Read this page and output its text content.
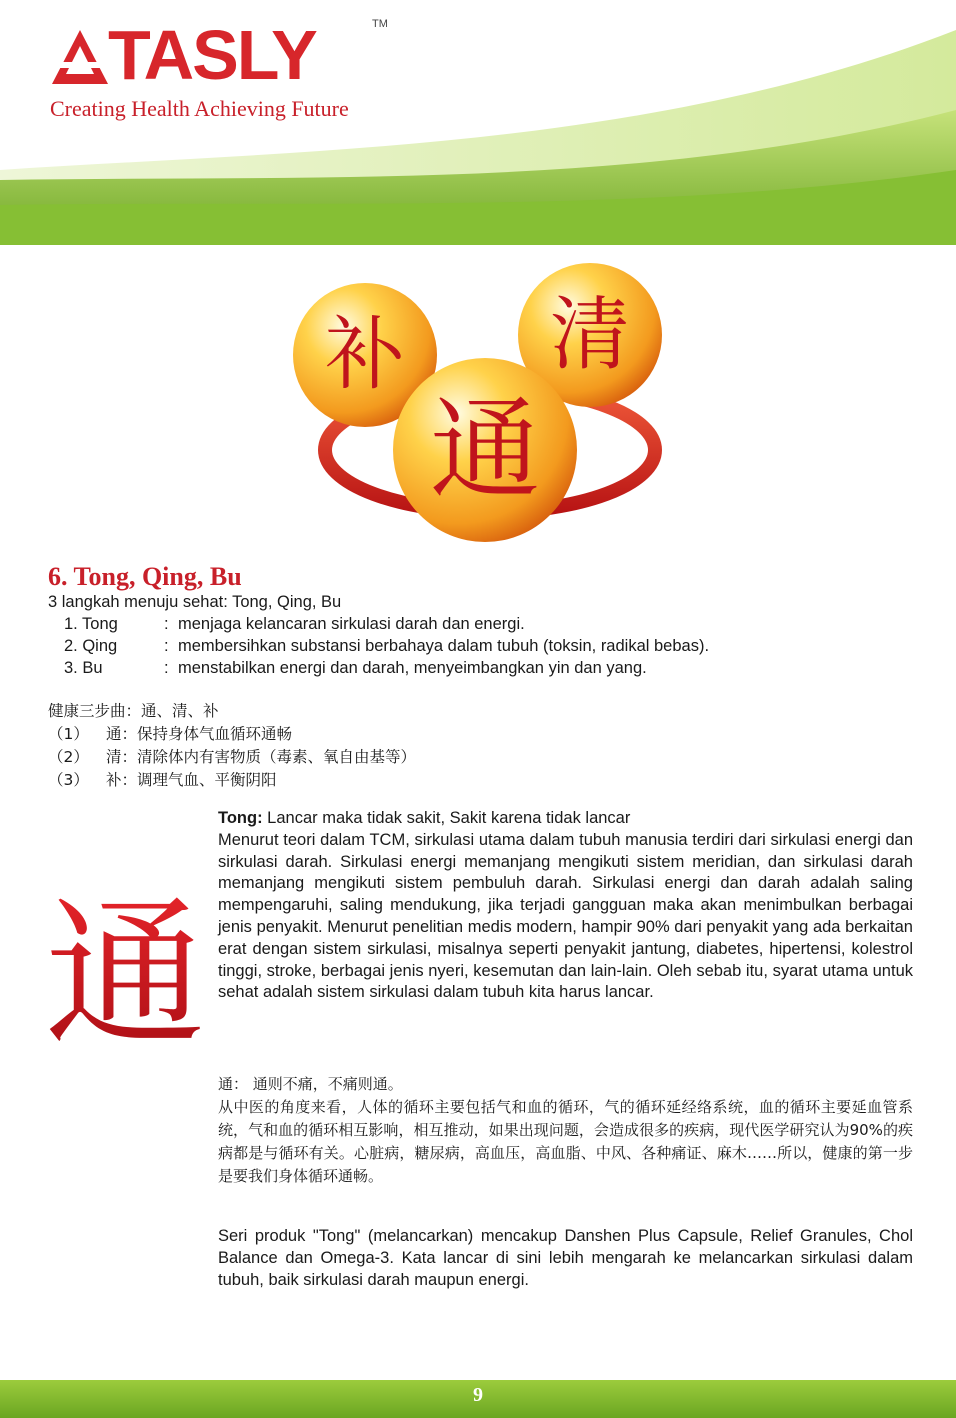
TASLY	TM
Creating Health Achieving Future
补 清
通
6. Tong, Qing, Bu
3 langkah menuju sehat: Tong, Qing, Bu
1. Tong	: menjaga kelancaran sirkulasi darah dan energi.
2. Qing	: membersihkan substansi berbahaya dalam tubuh (toksin, radikal bebas).
3. Bu	: menstabilkan energi dan darah, menyeimbangkan yin dan yang.
健康三步曲：通、清、补
（1）	通：保持身体气血循环通畅
（2）	清：清除体内有害物质（毒素、氧自由基等）
（3）	补：调理气血、平衡阴阳
通
Tong: Lancar maka tidak sakit, Sakit karena tidak lancar
Menurut teori dalam TCM, sirkulasi utama dalam tubuh manusia terdiri dari sirkulasi energi dan sirkulasi darah. Sirkulasi energi memanjang mengikuti sistem meridian, dan sirkulasi darah memanjang mengikuti sistem pembuluh darah. Sirkulasi energi dan darah adalah saling mempengaruhi, saling mendukung, jika terjadi gangguan maka akan menimbulkan berbagai jenis penyakit. Menurut penelitian medis modern, hampir 90% dari penyakit yang ada berkaitan erat dengan sistem sirkulasi, misalnya seperti penyakit jantung, diabetes, hipertensi, kolestrol tinggi, stroke, berbagai jenis nyeri, kesemutan dan lain-lain. Oleh sebab itu, syarat utama untuk sehat adalah sistem sirkulasi dalam tubuh kita harus lancar.
通： 通则不痛，不痛则通。
从中医的角度来看，人体的循环主要包括气和血的循环，气的循环延经络系统，血的循环主要延血管系统，气和血的循环相互影响，相互推动，如果出现问题，会造成很多的疾病，现代医学研究认为90%的疾病都是与循环有关。心脏病，糖尿病，高血压，高血脂、中风、各种痛证、麻木……所以，健康的第一步是要我们身体循环通畅。
Seri produk "Tong" (melancarkan) mencakup Danshen Plus Capsule, Relief Granules, Chol Balance dan Omega-3. Kata lancar di sini lebih mengarah ke melancarkan sirkulasi dalam tubuh, baik sirkulasi darah maupun energi.
9
